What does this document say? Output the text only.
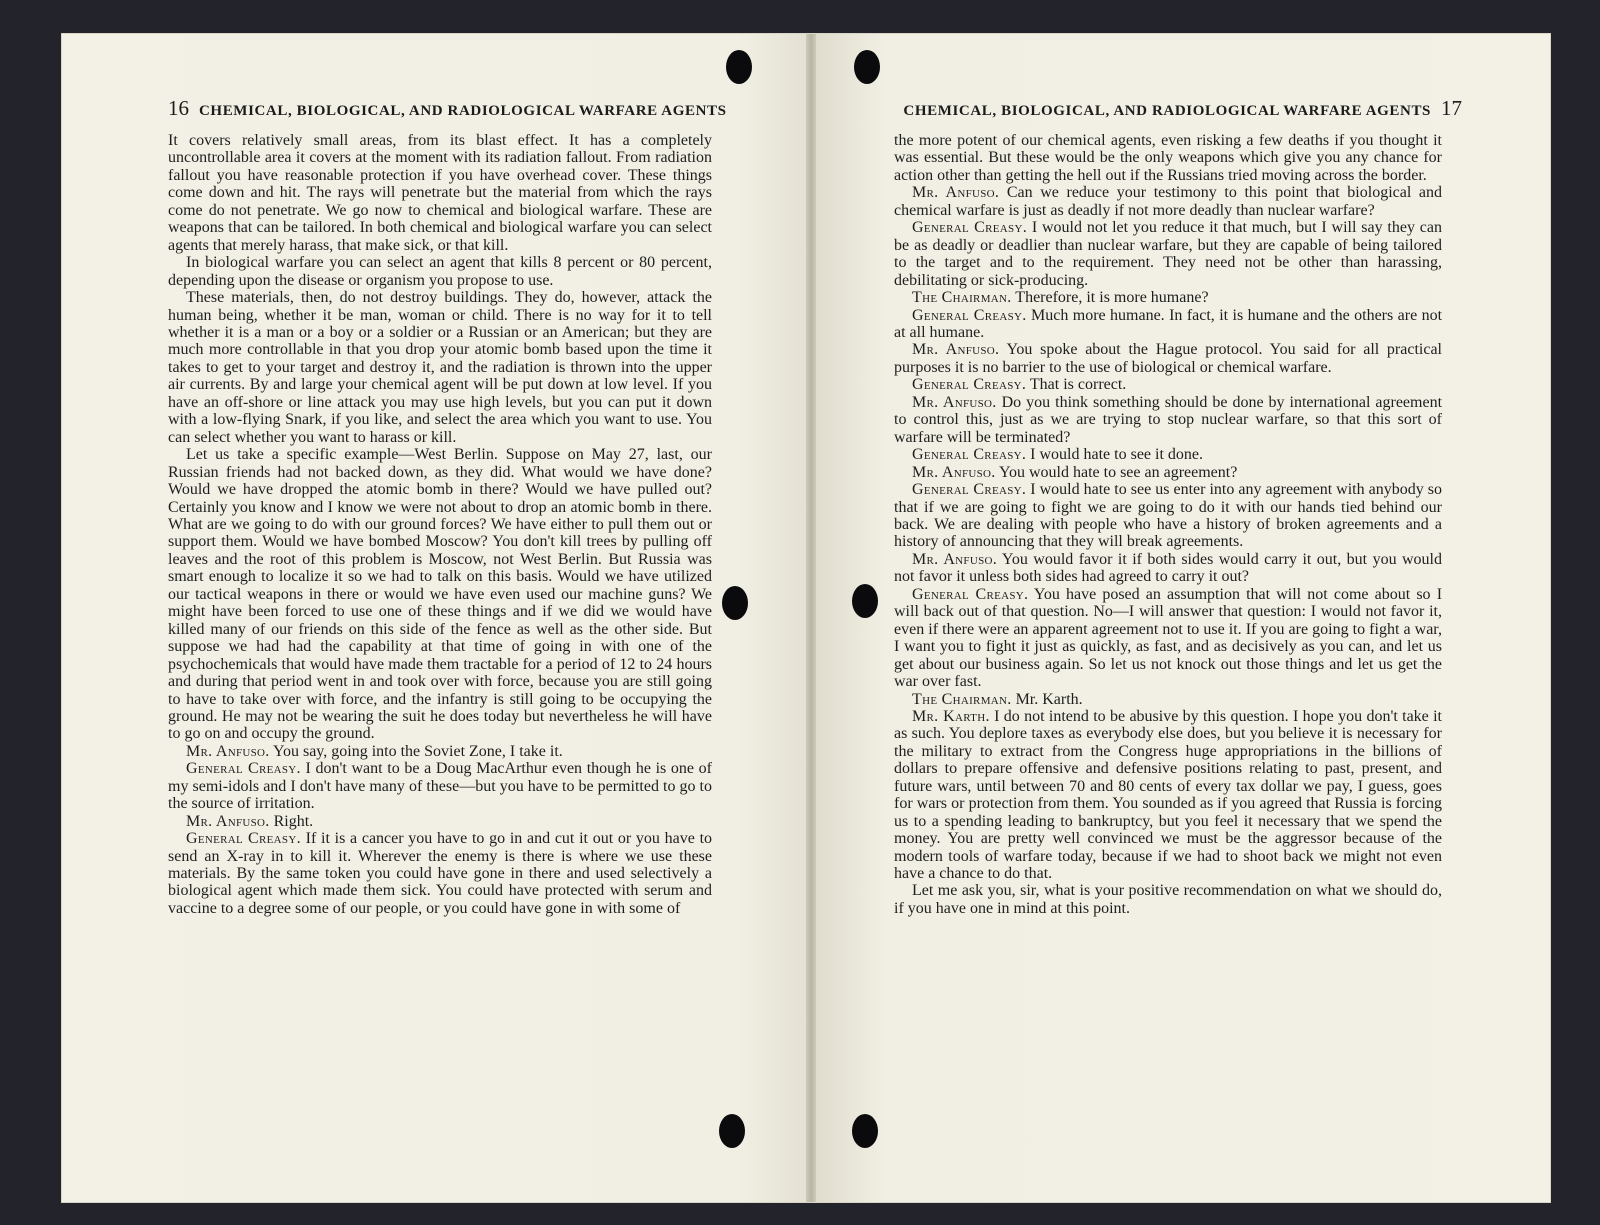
16 CHEMICAL, BIOLOGICAL, AND RADIOLOGICAL WARFARE AGENTS

It covers relatively small areas, from its blast effect. It has a completely uncontrollable area it covers at the moment with its radiation fallout. From radiation fallout you have reasonable protection if you have overhead cover. These things come down and hit. The rays will penetrate but the material from which the rays come do not penetrate. We go now to chemical and biological warfare. These are weapons that can be tailored. In both chemical and biological warfare you can select agents that merely harass, that make sick, or that kill.

In biological warfare you can select an agent that kills 8 percent or 80 percent, depending upon the disease or organism you propose to use.

These materials, then, do not destroy buildings. They do, however, attack the human being, whether it be man, woman or child. There is no way for it to tell whether it is a man or a boy or a soldier or a Russian or an American; but they are much more controllable in that you drop your atomic bomb based upon the time it takes to get to your target and destroy it, and the radiation is thrown into the upper air currents. By and large your chemical agent will be put down at low level. If you have an off-shore or line attack you may use high levels, but you can put it down with a low-flying Snark, if you like, and select the area which you want to use. You can select whether you want to harass or kill.

Let us take a specific example—West Berlin. Suppose on May 27, last, our Russian friends had not backed down, as they did. What would we have done? Would we have dropped the atomic bomb in there? Would we have pulled out? Certainly you know and I know we were not about to drop an atomic bomb in there. What are we going to do with our ground forces? We have either to pull them out or support them. Would we have bombed Moscow? You don't kill trees by pulling off leaves and the root of this problem is Moscow, not West Berlin. But Russia was smart enough to localize it so we had to talk on this basis. Would we have utilized our tactical weapons in there or would we have even used our machine guns? We might have been forced to use one of these things and if we did we would have killed many of our friends on this side of the fence as well as the other side. But suppose we had had the capability at that time of going in with one of the psychochemicals that would have made them tractable for a period of 12 to 24 hours and during that period went in and took over with force, because you are still going to have to take over with force, and the infantry is still going to be occupying the ground. He may not be wearing the suit he does today but nevertheless he will have to go on and occupy the ground.

Mr. Anfuso. You say, going into the Soviet Zone, I take it.

General Creasy. I don't want to be a Doug MacArthur even though he is one of my semi-idols and I don't have many of these—but you have to be permitted to go to the source of irritation.

Mr. Anfuso. Right.

General Creasy. If it is a cancer you have to go in and cut it out or you have to send an X-ray in to kill it. Wherever the enemy is there is where we use these materials. By the same token you could have gone in there and used selectively a biological agent which made them sick. You could have protected with serum and vaccine to a degree some of our people, or you could have gone in with some of

CHEMICAL, BIOLOGICAL, AND RADIOLOGICAL WARFARE AGENTS 17

the more potent of our chemical agents, even risking a few deaths if you thought it was essential. But these would be the only weapons which give you any chance for action other than getting the hell out if the Russians tried moving across the border.

Mr. Anfuso. Can we reduce your testimony to this point that biological and chemical warfare is just as deadly if not more deadly than nuclear warfare?

General Creasy. I would not let you reduce it that much, but I will say they can be as deadly or deadlier than nuclear warfare, but they are capable of being tailored to the target and to the requirement. They need not be other than harassing, debilitating or sick-producing.

The Chairman. Therefore, it is more humane?

General Creasy. Much more humane. In fact, it is humane and the others are not at all humane.

Mr. Anfuso. You spoke about the Hague protocol. You said for all practical purposes it is no barrier to the use of biological or chemical warfare.

General Creasy. That is correct.

Mr. Anfuso. Do you think something should be done by international agreement to control this, just as we are trying to stop nuclear warfare, so that this sort of warfare will be terminated?

General Creasy. I would hate to see it done.

Mr. Anfuso. You would hate to see an agreement?

General Creasy. I would hate to see us enter into any agreement with anybody so that if we are going to fight we are going to do it with our hands tied behind our back. We are dealing with people who have a history of broken agreements and a history of announcing that they will break agreements.

Mr. Anfuso. You would favor it if both sides would carry it out, but you would not favor it unless both sides had agreed to carry it out?

General Creasy. You have posed an assumption that will not come about so I will back out of that question. No—I will answer that question: I would not favor it, even if there were an apparent agreement not to use it. If you are going to fight a war, I want you to fight it just as quickly, as fast, and as decisively as you can, and let us get about our business again. So let us not knock out those things and let us get the war over fast.

The Chairman. Mr. Karth.

Mr. Karth. I do not intend to be abusive by this question. I hope you don't take it as such. You deplore taxes as everybody else does, but you believe it is necessary for the military to extract from the Congress huge appropriations in the billions of dollars to prepare offensive and defensive positions relating to past, present, and future wars, until between 70 and 80 cents of every tax dollar we pay, I guess, goes for wars or protection from them. You sounded as if you agreed that Russia is forcing us to a spending leading to bankruptcy, but you feel it necessary that we spend the money. You are pretty well convinced we must be the aggressor because of the modern tools of warfare today, because if we had to shoot back we might not even have a chance to do that.

Let me ask you, sir, what is your positive recommendation on what we should do, if you have one in mind at this point.
